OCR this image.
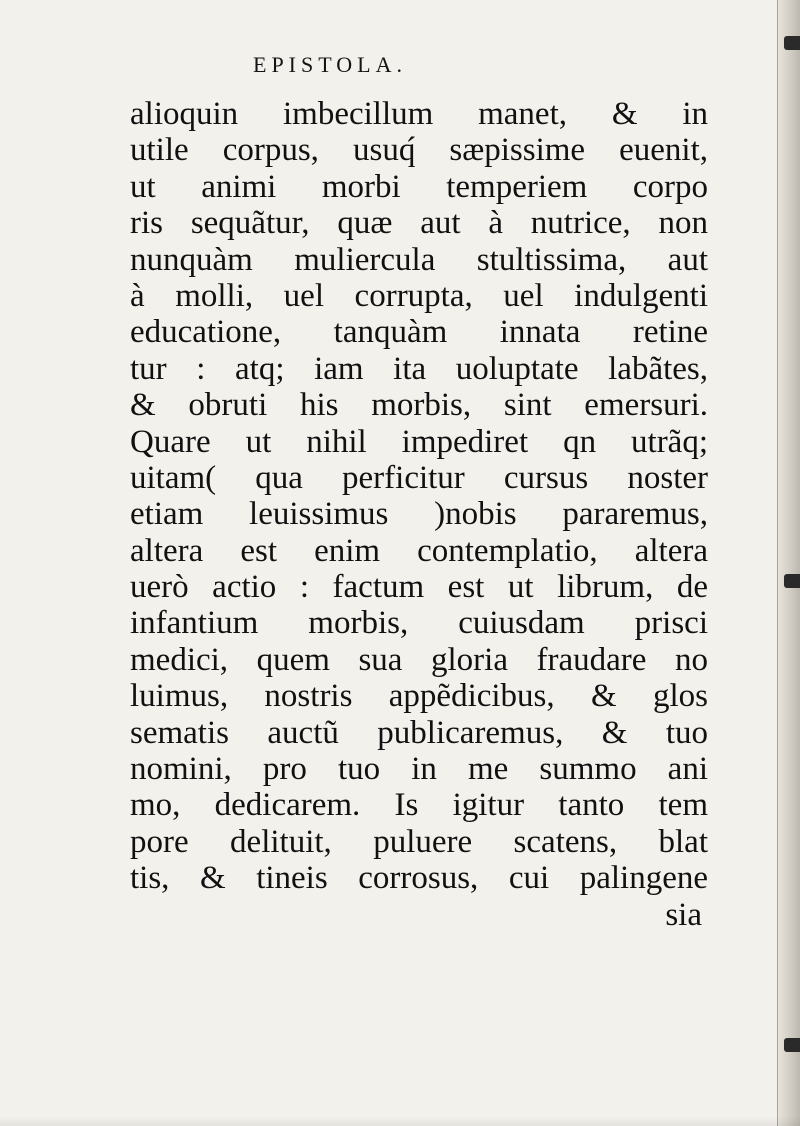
EPISTOLA.
alioquin imbecillum manet, & in
utile corpus, usuq́ sæpissime euenit,
ut animi morbi temperiem corpo
ris sequãtur, quæ aut à nutrice, non
nunquàm muliercula stultissima, aut
à molli, uel corrupta, uel indulgenti
educatione, tanquàm innata retine
tur : atq; iam ita uoluptate labãtes,
& obruti his morbis, sint emersuri.
Quare ut nihil impediret qn utrãq;
uitam( qua perficitur cursus noster
etiam leuissimus )nobis pararemus,
altera est enim contemplatio, altera
uerò actio : factum est ut librum, de
infantium morbis, cuiusdam prisci
medici, quem sua gloria fraudare no
luimus, nostris appẽdicibus, & glos
sematis auctũ publicaremus, & tuo
nomini, pro tuo in me summo ani
mo, dedicarem. Is igitur tanto tem
pore delituit, puluere scatens, blat
tis, & tineis corrosus, cui palingene
sia
